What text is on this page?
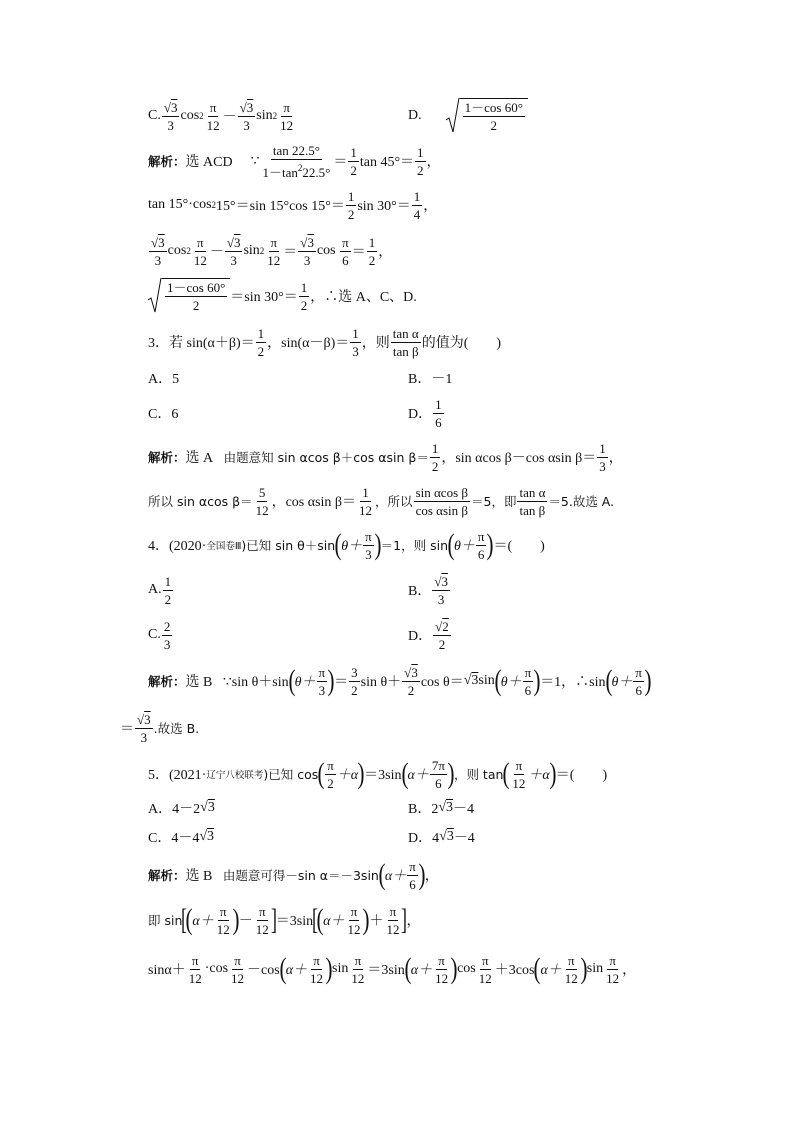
C. $\frac{√3}{3}$ $\cos 2 \frac{\pi}{12} - \frac{√3}{3}$ $\sin 2 \frac{\pi}{12}$	D.	$\frac{1-\cos 60^\circ}{2}$
解析： 选 ACD ∵ $\frac{\tan 22.5^\circ}{1-\tan^222.5^\circ} = \frac{1}{2}$ $\tan 45^\circ= \frac{1}{2}$ ，
tan 15°·cos 2 15°＝sin 15°cos $15^\circ= \frac{1}{2}$ $\sin 30^\circ= \frac{1}{4}$ ，
$\frac{√3}{3}$ $\cos 2 \frac{\pi}{12} - \frac{√3}{3}$ $\sin 2 \frac{\pi}{12} = \frac{√3}{3}$ cos
$\frac{\pi}{6} = \frac{1}{2}$ ，
$\frac{1-\cos 60^\circ}{2} =\sin$ $30^\circ= \frac{1}{2}$ ，∴选 A、C、D.
3．若 sin( $\alpha+\beta)= \frac{1}{2}$ ，$\sin(\alpha-\beta)= \frac{1}{3}$ ，则 $\frac{\text{tan α}}{\text{tan β}}$ 的值为(　　)
A．5	B．－1
C．6	D． $\frac{1}{6}$
解析： 选 A
由题意知 sin αcos β＋cos αsin $\beta= \frac{1}{2}$ ，sin αcos β－cos αsin $\beta= \frac{1}{3}$ ，
所以 sin αcos $\beta= \frac{5}{12}$ ，cos αsin $\beta= \frac{1}{12}$ ，所以 $\frac{\text{sin αcos β}}{\text{cos αsin β}} =5$，即 $\frac{\text{tan α}}{\text{tan β}} =5$.故选 A.
4．(2020· 全国卷Ⅲ )已知 sin θ＋sin ( $\theta+ \frac{\pi}{3}$ ) ＝1，则 sin ( $\theta+ \frac{\pi}{6}$ ) ＝(　　)
A. $\frac{1}{2}$	B． $\frac{√3}{3}$
C. $\frac{2}{3}$	D． $\frac{√2}{2}$
解析： 选 B
∵sin θ＋sin ( $\theta+ \frac{\pi}{3}$ ) ＝ $\frac{3}{2}$ $\sin \theta+ \frac{√3}{2}$ cos θ＝ √ 3 sin ( $\theta+ \frac{\pi}{6}$ ) ＝1，∴sin ( $\theta+ \frac{\pi}{6}$ )
＝ $\frac{√3}{3}$ .故选 B.
5．(2021· 辽宁八校联考 )已知 cos ( $\frac{\pi}{2} +\alpha$ ) ＝3sin ( $\alpha+ \frac{7\pi}{6}$ ) ，则 tan ( $\frac{\pi}{12} +\alpha$ ) ＝(　　)
A．4－2 √ 3	B．2 √ 3 －4
C．4－4 √ 3	D．4 √ 3 －4
解析： 选 B
由题意可得－sin α＝－3sin ( $\alpha+ \frac{\pi}{6}$ ) ，
即 sin [
( $\alpha+ \frac{\pi}{12}$ ) － $\frac{\pi}{12}$ ] ＝3sin [
( $\alpha+ \frac{\pi}{12}$ ) ＋ $\frac{\pi}{12}$ ] ，
$\sin\alpha+ \frac{\pi}{12} \cdot\cos \frac{\pi}{12} -\cos$ ( $\alpha+ \frac{\pi}{12}$ ) $\sin \frac{\pi}{12} =3\sin$ ( $\alpha+ \frac{\pi}{12}$ ) $\cos \frac{\pi}{12} +3\cos$ ( $\alpha+ \frac{\pi}{12}$ ) $\sin \frac{\pi}{12}$ ，
